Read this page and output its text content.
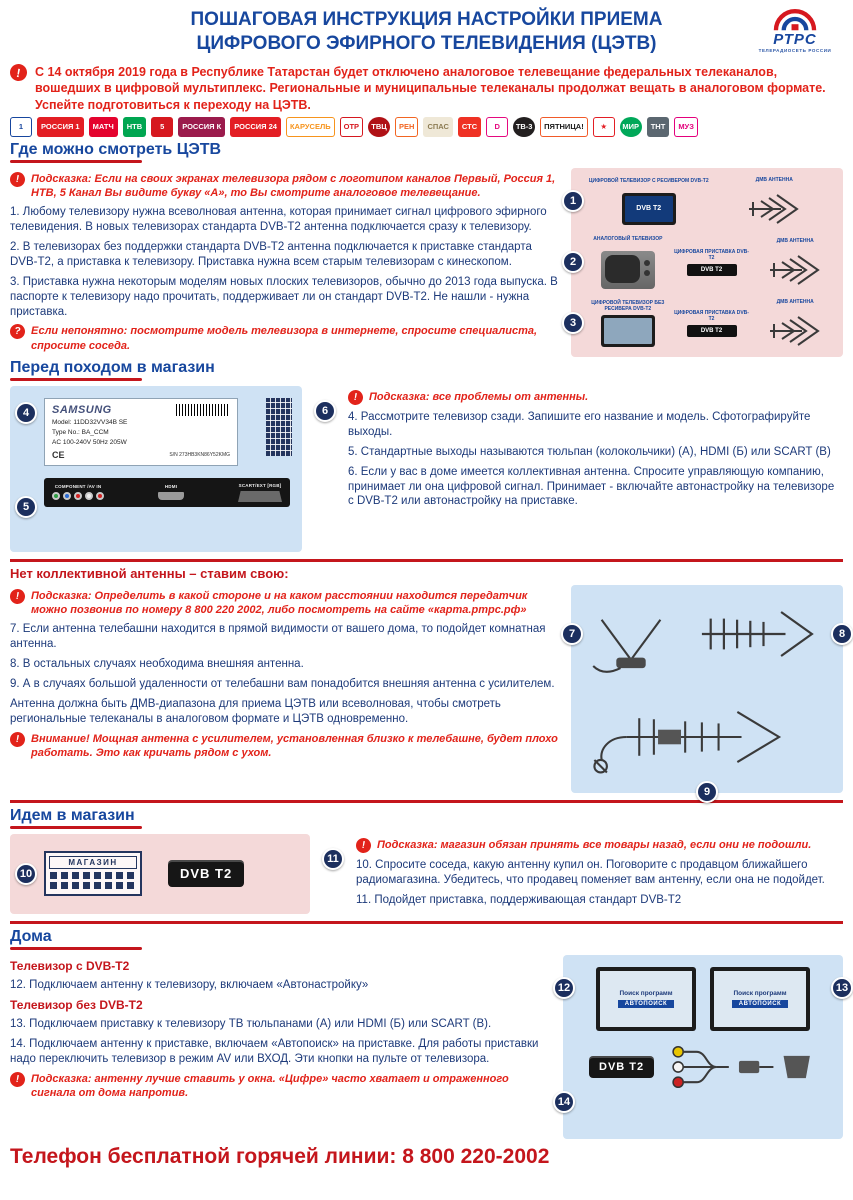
ПОШАГОВАЯ ИНСТРУКЦИЯ НАСТРОЙКИ ПРИЕМА
ЦИФРОВОГО ЭФИРНОГО ТЕЛЕВИДЕНИЯ (ЦЭТВ)	РТРС
ТЕЛЕРАДИОСЕТЬ РОССИИ
!	С 14 октября 2019 года в Республике Татарстан будет отключено аналоговое телевещание федеральных телеканалов, вошедших в цифровой мультиплекс. Региональные и муниципальные телеканалы продолжат вещать в аналоговом формате. Успейте подготовиться к переходу на ЦЭТВ.

1	РОССИЯ 1	МАТЧ	НТВ	5	РОССИЯ К	РОССИЯ 24	КАРУСЕЛЬ	ОТР	ТВЦ	РЕН	СПАС	СТС	D	ТВ-3	ПЯТНИЦА!	★	МИР	ТНТ	МУЗ
Где можно смотреть ЦЭТВ
! Подсказка: Если на своих экранах телевизора рядом с логотипом каналов Первый, Россия 1, НТВ, 5 Канал Вы видите букву «А», то Вы смотрите аналоговое телевещание.

1. Любому телевизору нужна всеволновая антенна, которая принимает сигнал цифрового эфирного телевидения. В новых телевизорах стандарта DVB-T2 антенна подключается сразу к телевизору.

2. В телевизорах без поддержки стандарта DVB-T2 антенна подключается к приставке стандарта DVB-T2, а приставка к телевизору. Приставка нужна всем старым телевизорам с кинескопом.

3. Приставка нужна некоторым моделям новых плоских телевизоров, обычно до 2013 года выпуска. В паспорте к телевизору надо прочитать, поддерживает ли он стандарт DVB-T2. Не нашли - нужна приставка.

? Если непонятно: посмотрите модель телевизора в интернете, спросите специалиста, спросите соседа.

1
ЦИФРОВОЙ ТЕЛЕВИЗОР С РЕСИВЕРОМ DVB-T2
DVB T2
ДМВ АНТЕННА
2
АНАЛОГОВЫЙ ТЕЛЕВИЗОР
ЦИФРОВАЯ ПРИСТАВКА DVB-T2
DVB T2
ДМВ АНТЕННА
3
ЦИФРОВОЙ ТЕЛЕВИЗОР БЕЗ РЕСИВЕРА DVB-T2
ЦИФРОВАЯ ПРИСТАВКА DVB-T2
DVB T2
ДМВ АНТЕННА
Перед походом в магазин
4
5
SAMSUNG
Model: 11DD32VV34B SE
Type No.: BA_CCM
AC 100-240V 50Hz 205W
CE	S/N 273HB3KN86Y52KMG
COMPONENT /AV IN	HDMI	SCART/EXT [RGB]
6
! Подсказка: все проблемы от антенны.

4. Рассмотрите телевизор сзади. Запишите его название и модель. Сфотографируйте выходы.

5. Стандартные выходы называются тюльпан (колокольчики) (А), HDMI (Б) или SCART (В)

6. Если у вас в доме имеется коллективная антенна. Спросите управляющую компанию, принимает ли она цифровой сигнал. Принимает - включайте автонастройку на телевизоре с DVB-T2 или автонастройку на приставке.

Нет коллективной антенны – ставим свою:
! Подсказка: Определить в какой стороне и на каком расстоянии находится передатчик можно позвонив по номеру 8 800 220 2002, либо посмотреть на сайте «карта.ртрс.рф»

7. Если антенна телебашни находится в прямой видимости от вашего дома, то подойдет комнатная антенна.

8. В остальных случаях необходима внешняя антенна.

9. А в случаях большой удаленности от телебашни вам понадобится внешняя антенна с усилителем.

Антенна должна быть ДМВ-диапазона для приема ЦЭТВ или всеволновая, чтобы смотреть региональные телеканалы в аналоговом формате и ЦЭТВ одновременно.

! Внимание! Мощная антенна с усилителем, установленная близко к телебашне, будет плохо работать. Это как кричать рядом с ухом.

7	8
9
Идем в магазин
10
МАГАЗИН
DVB T2
11
! Подсказка: магазин обязан принять все товары назад, если они не подошли.

10. Спросите соседа, какую антенну купил он. Поговорите с продавцом ближайшего радиомагазина. Убедитесь, что продавец поменяет вам антенну, если она не подойдет.

11. Подойдет приставка, поддерживающая стандарт DVB-T2

Дома
Телевизор с DVB-T2

12. Подключаем антенну к телевизору, включаем «Автонастройку»

Телевизор без DVB-T2

13. Подключаем приставку к телевизору ТВ тюльпанами (А) или HDMI (Б) или SCART (В).

14. Подключаем антенну к приставке, включаем «Автопоиск» на приставке. Для работы приставки надо переключить телевизор в режим AV или ВХОД. Эти кнопки на пульте от телевизора.

! Подсказка: антенну лучше ставить у окна. «Цифре» часто хватает и отраженного сигнала от дома напротив.

12	13
14
Поиск программ
АВТОПОИСК
Поиск программ
АВТОПОИСК
DVB T2
Телефон бесплатной горячей линии: 8 800 220-2002
